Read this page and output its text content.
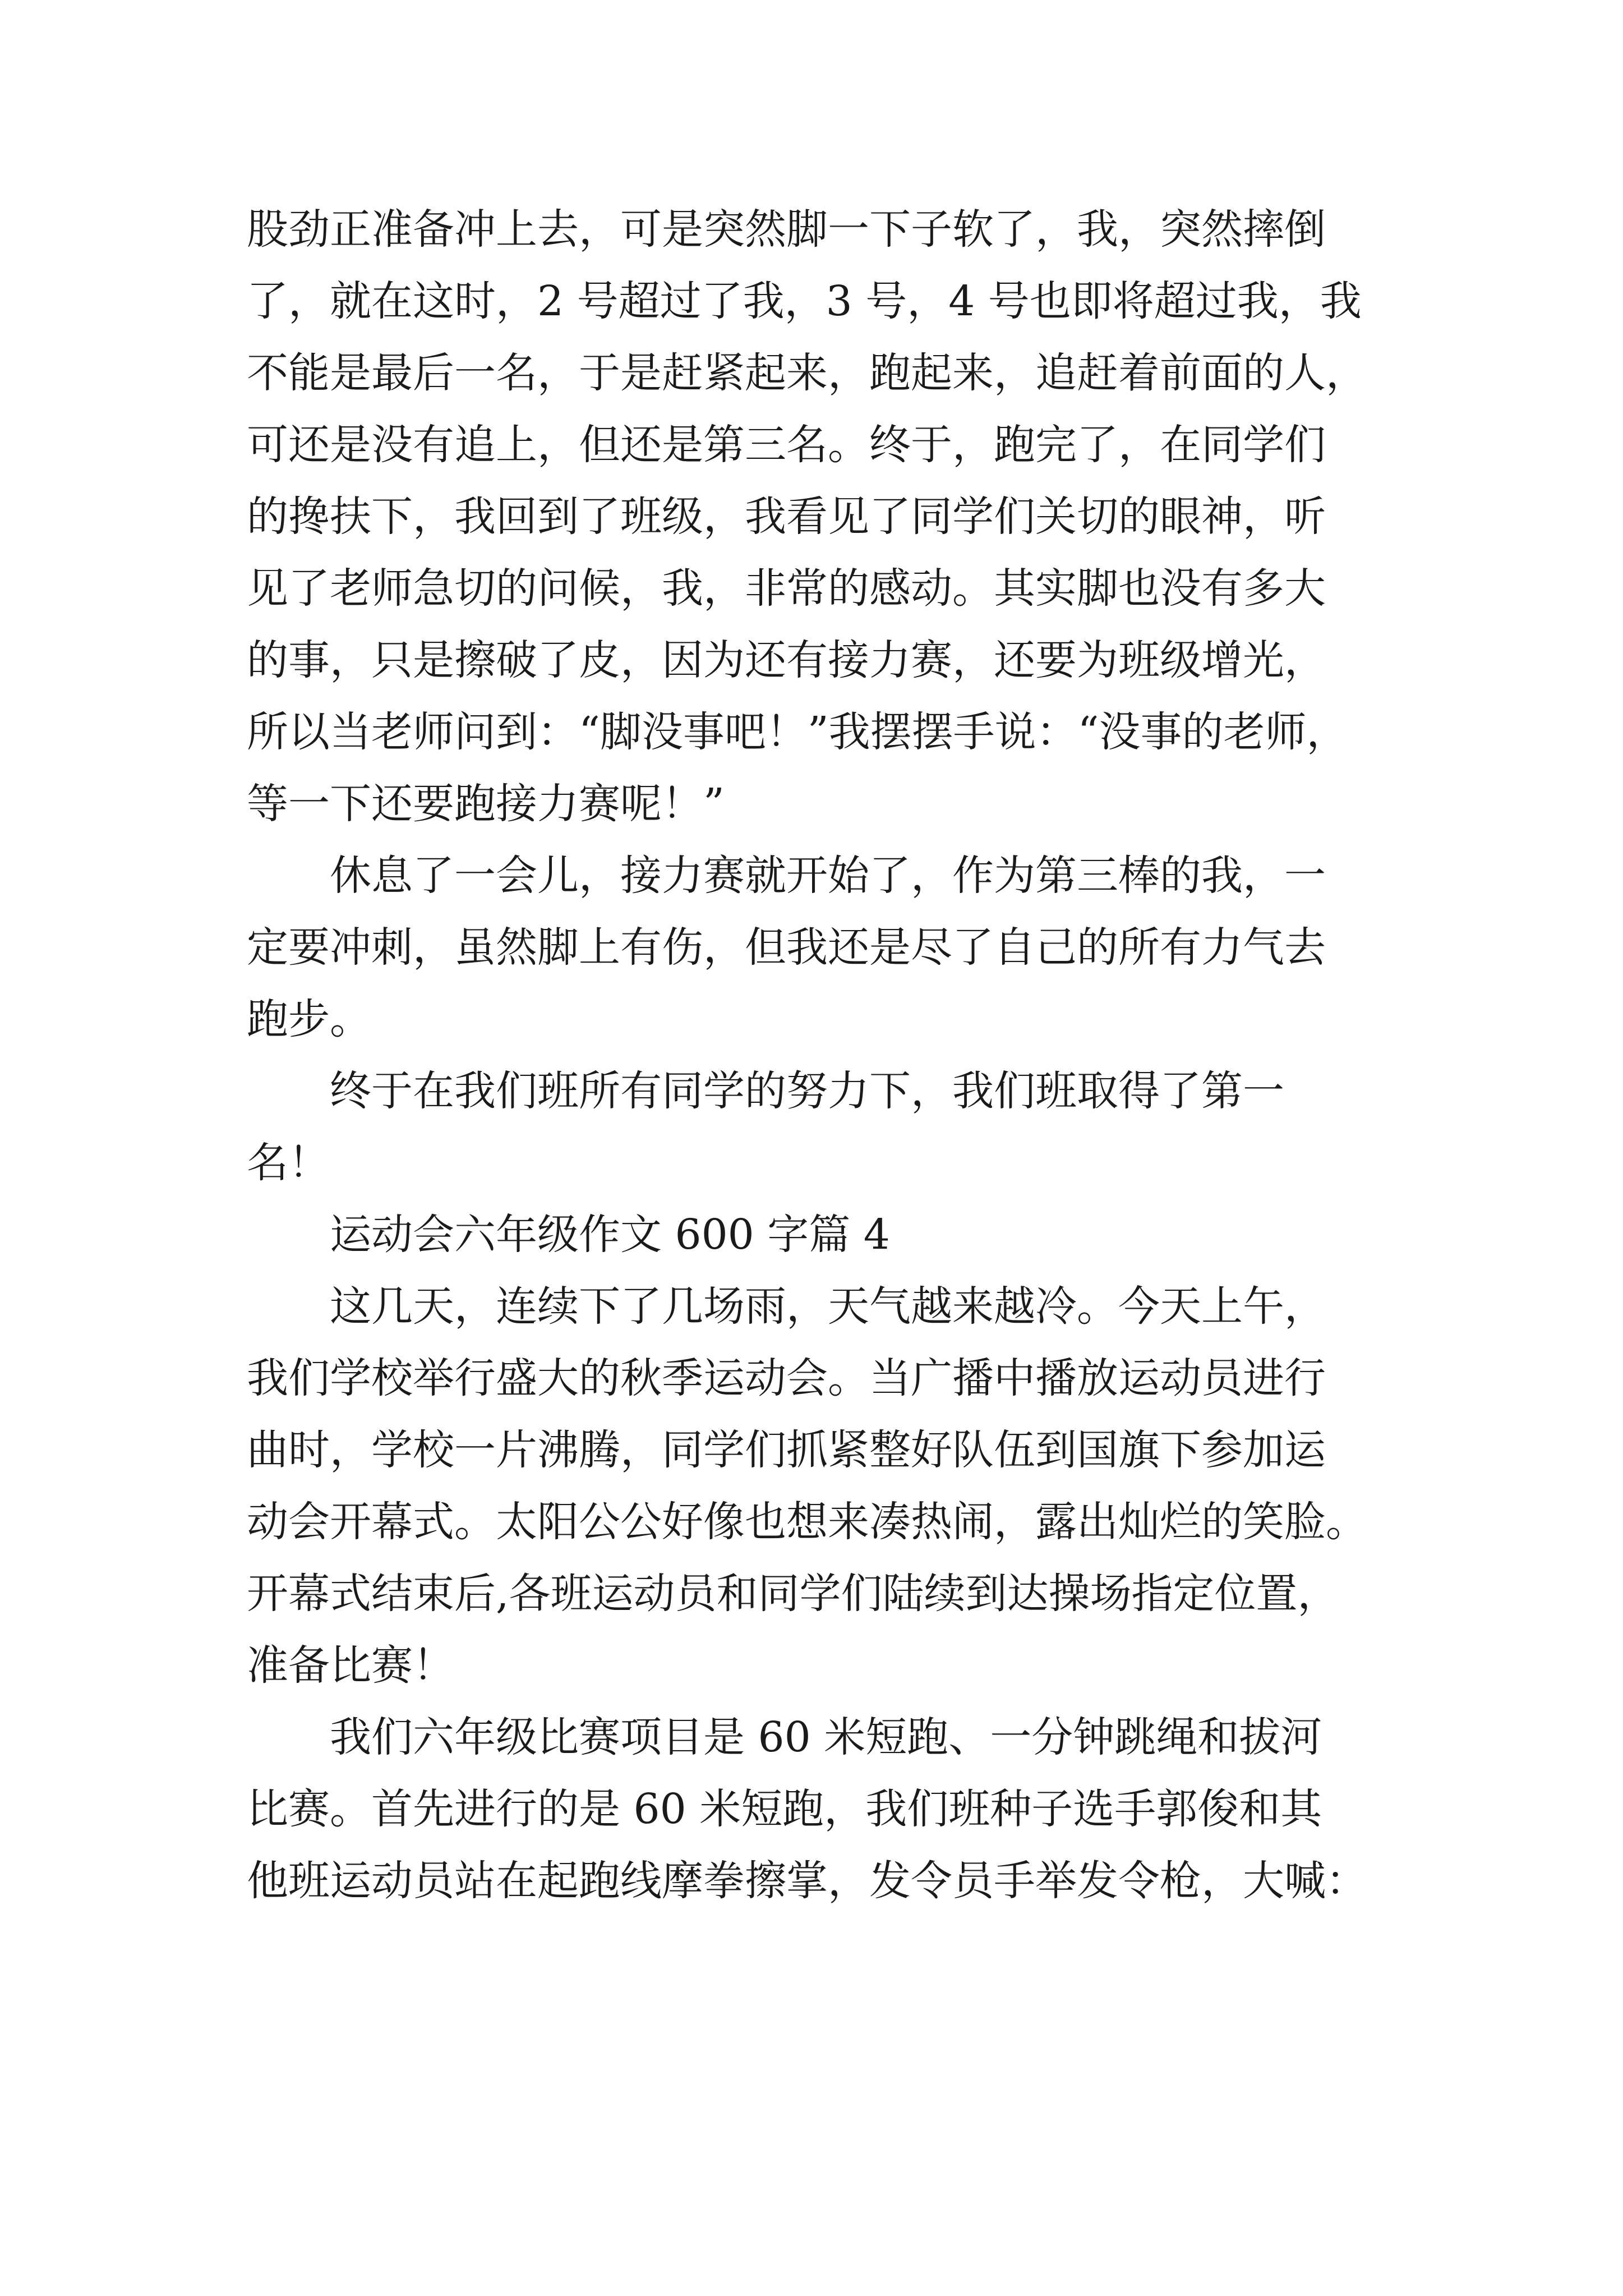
股劲正准备冲上去，可是突然脚一下子软了，我，突然摔倒
了，就在这时，2 号超过了我，3 号，4 号也即将超过我，我
不能是最后一名，于是赶紧起来，跑起来，追赶着前面的人，
可还是没有追上，但还是第三名。终于，跑完了，在同学们
的搀扶下，我回到了班级，我看见了同学们关切的眼神，听
见了老师急切的问候，我，非常的感动。其实脚也没有多大
的事，只是擦破了皮，因为还有接力赛，还要为班级增光，
所以当老师问到：“脚没事吧！”我摆摆手说：“没事的老师，
等一下还要跑接力赛呢！”
休息了一会儿，接力赛就开始了，作为第三棒的我，一
定要冲刺，虽然脚上有伤，但我还是尽了自己的所有力气去
跑步。
终于在我们班所有同学的努力下，我们班取得了第一
名！
运动会六年级作文 600 字篇 4
这几天，连续下了几场雨，天气越来越冷。今天上午，
我们学校举行盛大的秋季运动会。当广播中播放运动员进行
曲时，学校一片沸腾，同学们抓紧整好队伍到国旗下参加运
动会开幕式。太阳公公好像也想来凑热闹，露出灿烂的笑脸。
开幕式结束后,各班运动员和同学们陆续到达操场指定位置，
准备比赛！
我们六年级比赛项目是 60 米短跑、一分钟跳绳和拔河
比赛。首先进行的是 60 米短跑，我们班种子选手郭俊和其
他班运动员站在起跑线摩拳擦掌，发令员手举发令枪，大喊：
